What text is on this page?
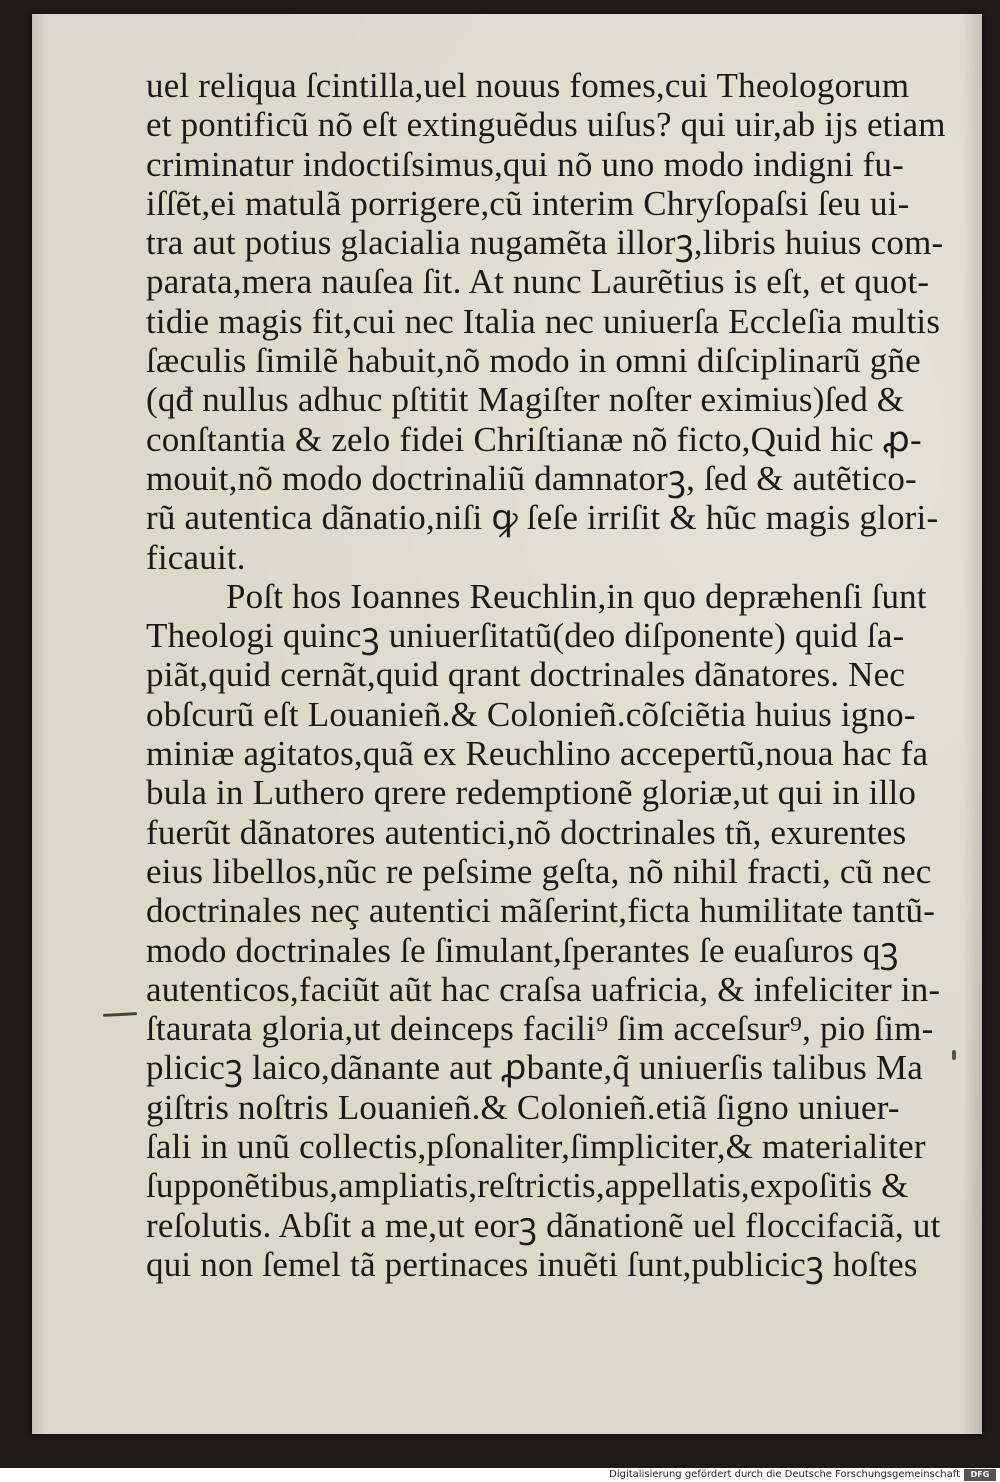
uel reliqua ſcintilla,uel nouus fomes,cui Theologorum
et pontificũ nõ eſt extinguẽdus uiſus? qui uir,ab ijs etiam
criminatur indoctiſsimus,qui nõ uno modo indigni fu-
iſſẽt,ei matulã porrigere,cũ interim Chryſopaſsi ſeu ui-
tra aut potius glacialia nugamẽta illorꝫ,libris huius com-
parata,mera nauſea ſit. At nunc Laurẽtius is eſt, et quot-
tidie magis fit,cui nec Italia nec uniuerſa Eccleſia multis
ſæculis ſimilẽ habuit,nõ modo in omni diſciplinarũ gñe
(qđ nullus adhuc pſtitit Magiſter noſter eximius)ſed &
conſtantia & zelo fidei Chriſtianæ nõ ficto,Quid hic ꝓ-
mouit,nõ modo doctrinaliũ damnatorꝫ, ſed & autẽtico-
rũ autentica dãnatio,niſi ꝙ ſeſe irriſit & hũc magis glori-
ficauit.
Poſt hos Ioannes Reuchlin,in quo depræhenſi ſunt
Theologi quincꝫ uniuerſitatũ(deo diſponente) quid ſa-
piãt,quid cernãt,quid qrant doctrinales dãnatores. Nec
obſcurũ eſt Louanieñ.& Colonieñ.cõſciẽtia huius igno-
miniæ agitatos,quã ex Reuchlino accepertũ,noua hac fa
bula in Luthero qrere redemptionẽ gloriæ,ut qui in illo
fuerũt dãnatores autentici,nõ doctrinales tñ, exurentes
eius libellos,nũc re peſsime geſta, nõ nihil fracti, cũ nec
doctrinales neç autentici mãſerint,ficta humilitate tantũ-
modo doctrinales ſe ſimulant,ſperantes ſe euaſuros qꝫ
autenticos,faciũt aũt hac craſsa uafricia, & infeliciter in-
ſtaurata gloria,ut deinceps facili⁹ ſim acceſsur⁹, pio ſim-
plicicꝫ laico,dãnante aut ꝓbante,q̃ uniuerſis talibus Ma
giſtris noſtris Louanieñ.& Colonieñ.etiã ſigno uniuer-
ſali in unũ collectis,pſonaliter,ſimpliciter,& materialiter
ſupponẽtibus,ampliatis,reſtrictis,appellatis,expoſitis &
reſolutis. Abſit a me,ut eorꝫ dãnationẽ uel floccifaciã, ut
qui non ſemel tã pertinaces inuẽti ſunt,publicicꝫ hoſtes
Digitalisierung gefördert durch die Deutsche Forschungsgemeinschaft	DFG
